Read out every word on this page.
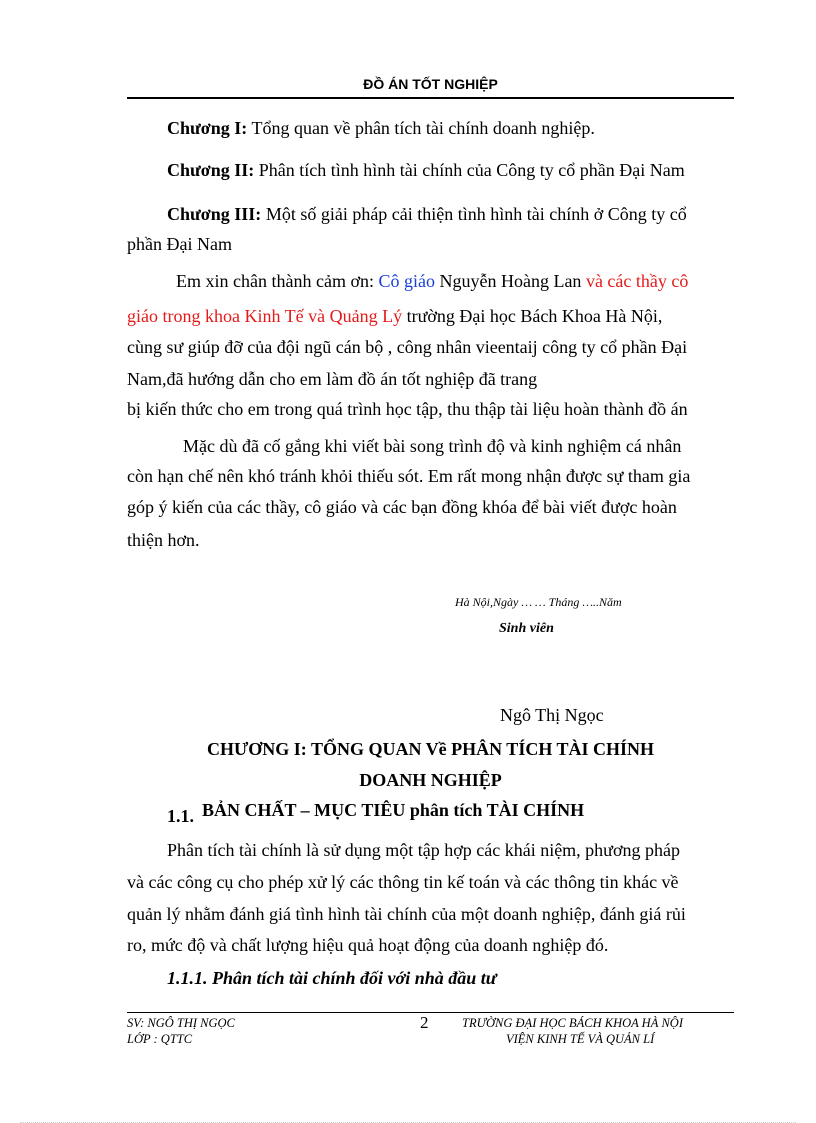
ĐỒ ÁN TỐT NGHIỆP
Chương I: Tổng quan về phân tích tài chính doanh nghiệp.
Chương II: Phân tích tình hình tài chính của Công ty cổ phần Đại Nam
Chương III: Một số giải pháp cải thiện tình hình tài chính ở Công ty cổ
phần Đại Nam
Em xin chân thành cảm ơn: Cô giáo Nguyễn Hoàng Lan và các thầy cô
giáo trong khoa Kinh Tế và Quảng Lý trường Đại học Bách Khoa Hà Nội,
cùng sư giúp đỡ của đội ngũ cán bộ , công nhân vieentaij công ty cổ phần Đại
Nam,đã hướng dẫn cho em làm đồ án tốt nghiệp đã trang
bị kiến thức cho em trong quá trình học tập, thu thập tài liệu hoàn thành đồ án
Mặc dù đã cố gắng khi viết bài song trình độ và kinh nghiệm cá nhân
còn hạn chế nên khó tránh khỏi thiếu sót. Em rất mong nhận được sự tham gia
góp ý kiến của các thầy, cô giáo và các bạn đồng khóa để bài viết được hoàn
thiện hơn.
Hà Nội,Ngày … … Tháng …..Năm
Sinh viên
Ngô Thị Ngọc
CHƯƠNG I: TỔNG QUAN Về PHÂN TÍCH TÀI CHÍNH
DOANH NGHIỆP
1.1. BẢN CHẤT – MỤC TIÊU phân tích TÀI CHÍNH
Phân tích tài chính là sử dụng một tập hợp các khái niệm, phương pháp
và các công cụ cho phép xử lý các thông tin kế toán và các thông tin khác về
quản lý nhằm đánh giá tình hình tài chính của một doanh nghiệp, đánh giá rủi
ro, mức độ và chất lượng hiệu quả hoạt động của doanh nghiệp đó.
1.1.1. Phân tích tài chính đối với nhà đầu tư
SV: NGÔ THỊ NGỌC
LỚP : QTTC
2	TRƯỜNG ĐẠI HỌC BÁCH KHOA HÀ NỘI
VIỆN KINH TẾ VÀ QUẢN LÍ
